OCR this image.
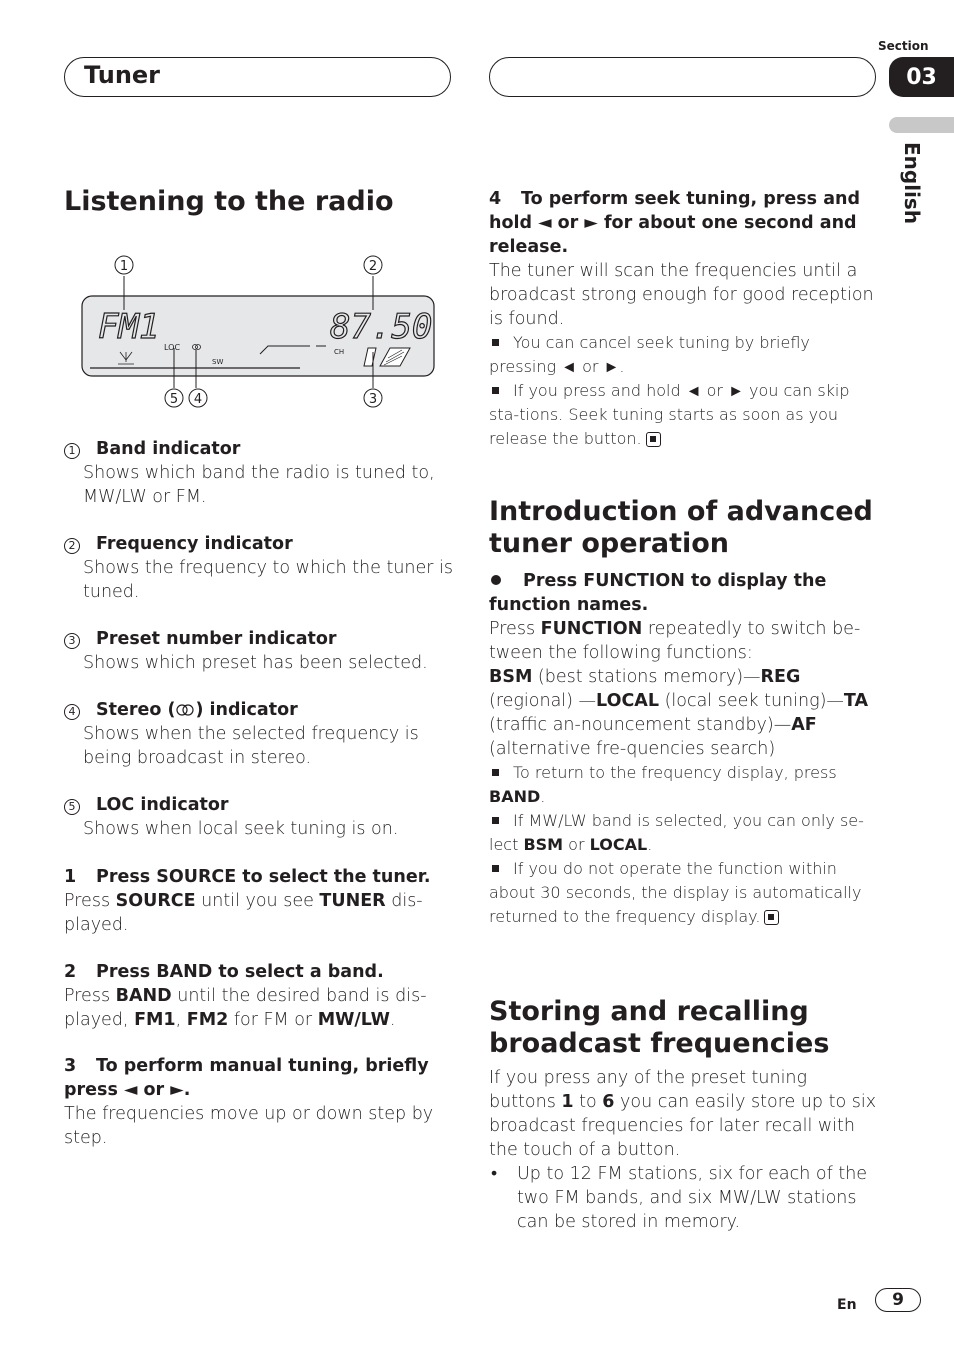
Tuner
Section
03
English
Listening to the radio
FM1	87.50
LOC
SW
CH
1	2
3
4
5
1	Band indicator
Shows which band the radio is tuned to, MW/LW or FM.
2	Frequency indicator
Shows the frequency to which the tuner is tuned.
3	Preset number indicator
Shows which preset has been selected.
4	Stereo ( ) indicator
Shows when the selected frequency is being broadcast in stereo.
5	LOC indicator
Shows when local seek tuning is on.
1 Press SOURCE to select the tuner.
Press SOURCE until you see TUNER dis-played.
2 Press BAND to select a band.
Press BAND until the desired band is dis-played, FM1, FM2 for FM or MW/LW.
3 To perform manual tuning, briefly press ◄ or ►.
The frequencies move up or down step by step.
4 To perform seek tuning, press and hold ◄ or ► for about one second and release.
The tuner will scan the frequencies until a broadcast strong enough for good reception is found.
You can cancel seek tuning by briefly pressing ◄ or ►.
If you press and hold ◄ or ► you can skip sta-tions. Seek tuning starts as soon as you release the button.
Introduction of advanced tuner operation
Press FUNCTION to display the function names.
Press FUNCTION repeatedly to switch be-tween the following functions:
BSM (best stations memory)—REG (regional) —LOCAL (local seek tuning)—TA (traffic an-nouncement standby)—AF (alternative fre-quencies search)
To return to the frequency display, press BAND.
If MW/LW band is selected, you can only se-lect BSM or LOCAL.
If you do not operate the function within about 30 seconds, the display is automatically returned to the frequency display.
Storing and recalling broadcast frequencies
If you press any of the preset tuning buttons 1 to 6 you can easily store up to six broadcast frequencies for later recall with the touch of a button.
•	Up to 12 FM stations, six for each of the two FM bands, and six MW/LW stations can be stored in memory.
En	9
